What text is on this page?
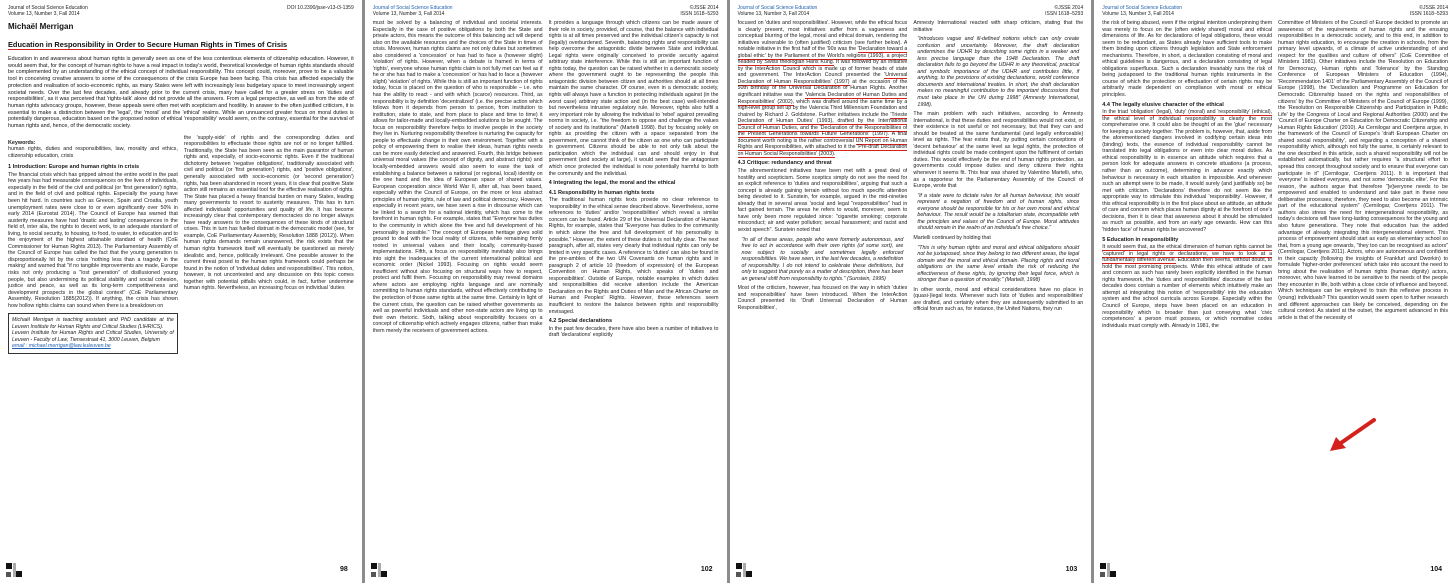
Journal of Social Science Education
Volume 13, Number 3, Fall 2014
DOI 10.2390/jsse-v13-i3-1359
Michaël Merrigan
Education in Responsibility in Order to Secure Human Rights in Times of Crisis
Education in and awareness about human rights is generally seen as one of the less contentious elements of citizenship education. However, it would seem that, for the concept of human rights to have a real impact in today's world, theoretical knowledge of human rights standards should be complemented by an understanding of the ethical concept of individual responsibility. This concept could, moreover, prove to be a valuable tool in conceiving creative answers to some of the consequences of the crisis Europe has been facing. This crisis has affected especially the protection and realisation of socio-economic rights, as many States were left with increasingly less budgetary space to meet increasingly urgent societal needs. Over the last few decades, and already prior to the current crisis, many have called for a greater stress on 'duties and responsibilities', as it was perceived that 'rights-talk' alone did not provide all the answers. From a legal perspective, as well as from the side of human rights advocacy groups, however, these appeals were often met with scepticism and hostility. In answer to the often justified criticism, it is essential to make a distinction between the 'legal', the 'moral' and the 'ethical' realms. While an unnuanced greater focus on moral duties is potentially dangerous, education based on the proposed notion of ethical 'responsibility' would seem, on the contrary, essential for the survival of human rights and, hence, of the democratic society.
Keywords:
human rights, duties and responsibilities, law, morality and ethics, citizenship education, crisis
1 Introduction: Europe and human rights in crisis

The financial crisis which has gripped almost the entire world in the past few years has had measurable consequences on the lives of individuals, especially in the field of the civil and political (or 'first generation') rights, and in the field of civil and political rights. Especially the young have been hit hard. In countries such as Greece, Spain and Croatia, youth unemployment rates were close to or even significantly over 50% in early 2014 (Eurostat 2014). The Council of Europe has warned that austerity measures have had 'drastic and lasting' consequences in the field of, inter alia, the rights to decent work, to an adequate standard of living, to social security, to housing, to food, to water, to education and to the enjoyment of the highest attainable standard of health (CoE Commissioner for Human Rights 2013). The Parliamentary Assembly of the Council of Europe has called the fact that the young generation is disproportionally hit by the crisis 'nothing less than a tragedy in the making' and warned that "if no tangible improvements are made, Europe risks not only producing a "lost generation" of disillusioned young people, but also undermining its political stability and social cohesion, justice and peace, as well as its long-term competitiveness and development prospects in the global context" (CoE Parliamentary Assembly, Resolution 1885(2012)). If anything, the crisis has shown how hollow rights claims can sound when there is a breakdown on

Michaël Merrigan is teaching assistant and PhD candidate at the Leuven Institute for Human Rights and Critical Studies (LIHRICS).
Leuven Institute for Human Rights and Critical Studies, University of Leuven - Faculty of Law, Tiensestraat 41, 3000 Leuven, Belgium
email : michael.merrigan@law.kuleuven.be

the 'supply-side' of rights and the corresponding duties and responsibilities to effectuate those rights are not or no longer fulfilled. Traditionally, the State has been seen as the main guarantor of human rights and, especially, of socio-economic rights. Even if the traditional dichotomy between 'negative obligations', traditionally associated with civil and political (or 'first generation') rights, and 'positive obligations', generally associated with socio-economic (or 'second generation') rights, has been abandoned in recent years, it is clear that positive State action still remains an essential tool for the effective realisation of rights. The State has placed a heavy financial burden on many States, leading many governments to resort to austerity measures. This has in turn affected individuals' opportunities and quality of life. It has become increasingly clear that contemporary democracies do no longer always have ready answers to the consequences of these kinds of structural crises. This in turn has fuelled distrust in the democratic model (see, for example, CoE Parliamentary Assembly, Resolution 1888 (2012)). When human rights demands remain unanswered, the risk exists that the human rights framework itself will eventually be questioned as merely idealistic and, hence, politically irrelevant. One possible answer to the current threat posed to the human rights framework could perhaps be found in the notion of 'individual duties and responsibilities'. This notion, however, is not uncontested and any discussion on this topic comes together with potential pitfalls which could, in fact, further undermine human rights. Nevertheless, an increasing focus on individual 'duties

98
Journal of Social Science Education
Volume 13, Number 3, Fall 2014
©JSSE 2014
ISSN 1618–5293

must be solved by a balancing of individual and societal interests. Especially in the case of positive obligations by both the State and private actors, this means the outcome of this balancing act will depend also on the available resources and the choices of the State in times of crisis. Moreover, human rights claims are not only duties but sometimes also considered a 'concession' or has had to face a (however slight) 'violation' of rights. However, when a debate is framed in terms of 'rights', everyone whose human rights claim is not fully met can feel as if he or she has had to make a 'concession' or has had to face a (however slight) 'violation' of rights. While this is still an important function of rights today, focus is placed on the question of who is responsible – i.e. who has the ability to react - and with which (scarce) resources. Third, as responsibility is by definition 'decentralized' (i.e. the precise action which follows from it depends from person to person, from institution to institution, state to state, and from place to place and time to time) it allows for tailor-made and locally-embedded solutions to be sought. The focus on responsibility therefore helps to involve people in the society they live in. Nurturing responsibility therefore is nurturing the capacity for people to effectuate change in their own environment. Together with a policy of empowering them to realise their ideas, human rights needs can be more easily detected and answered. Fourth, this bridge between universal moral values (the concept of dignity, and abstract rights) and locally-embedded answers would also seem to ease the task of establishing a balance between a national (or regional, local) identity on the one hand and the idea of European space of shared values. European cooperation since World War II, after all, has been based, especially within the Council of Europe, on the more or less abstract principles of human rights, rule of law and political democracy. However, especially in recent years, we have seen a rise in discourse which can be linked to a search for a national identity, which has come to the forefront in human rights. For example, states that "Everyone has duties to the community in which alone the free and full development of his personality is possible." The concept of European heritage gives solid ground to deal with the local reality of citizens, while remaining firmly rooted in universal values and their locally, community-based implementations. Fifth, a focus on responsibility inevitably also brings into sight the inadequacies of the current international political and economic order (Nickel 1993). Focusing on rights would seem insufficient without also focusing on structural ways how to respect, protect and fulfil them. Focusing on responsibility may reveal domains where actors are employing rights language and are nominally committing to human rights standards, without effectively contributing to the protection of those same rights at the same time. Certainly in light of the current crisis, the question can be raised whether governments as well as powerful individuals and other non-state actors are living up to their own rhetoric. Sixth, talking about responsibility focuses on a concept of citizenship which actively engages citizens, rather than make them merely the receivers of government actions.

It provides a language through which citizens can be made aware of their role in society, provided, of course, that the balance with individual rights is at all times preserved and the individual citizen's capacity is not (legally) overburdened. Seventh, balancing rights and responsibility can help overcome the antagonistic divide between State and individual. Legal rights were originally conceived to provide security against arbitrary state interference. While this is still an important function of rights today, the question can be raised whether in a democratic society where the government ought to be representing the people this antagonistic division between citizen and authorities should at all times maintain the same character. Of course, even in a democratic society, rights will always have a function in protecting individuals against (in the worst case) arbitrary state action and (in the best case) well-intended but nevertheless intrusive regulatory rule. Moreover, rights also fulfil a very important role by allowing the individual to 'rebel' against prevailing norms in society, i.e. "the freedom to oppose and challenge the values of society and its institutions" (Martelli 1998). But by focusing solely on rights as providing the citizen with a space separated from the government, one cannot think of the citizen as one who can participate in government. Citizens should be able to not only talk about the participation which the individual can and should enjoy in that government (and society at large), it would seem that the antagonism which once protected the individual is now potentially harmful to both the community and the individual.

4 Integrating the legal, the moral and the ethical
4.1 Responsibility in human rights texts

The traditional human rights texts provide no clear reference to 'responsibility' in the ethical sense described above. Nevertheless, some references to 'duties' and/or 'responsibilities' which reveal a similar concern can be found. Article 29 of the Universal Declaration of Human Rights, for example, states that "Everyone has duties to the community in which alone the free and full development of his personality is possible." However, the extent of these duties is not fully clear. The next paragraph, after all, states very clearly that individual rights can only be limited in very specific cases. A reference to 'duties' can also be found in the pre-ambles of the two UN Covenants on human rights and in paragraph 2 of article 10 (freedom of expression) of the European Convention on Human Rights, which speaks of 'duties and responsibilities'. Outside of Europe, notable examples in which duties and responsibilities did receive attention include the American Declaration on the Rights and Duties of Man and the African Charter on Human and Peoples' Rights. However, these references seem insufficient to restore the balance between rights and responsibility envisaged.

4.2 Special declarations

In the past few decades, there have also been a number of initiatives to draft 'declarations' explicitly

102
Journal of Social Science Education
Volume 13, Number 3, Fall 2014
©JSSE 2014
ISSN 1618–5293

focused on 'duties and responsibilities'. However, while the ethical focus is clearly present, most initiatives suffer from a vagueness and conceptual blurring of the legal, moral and ethical domain, rendering the initiatives vulnerable to (often justified) criticism (see further below). A notable initiative in the first half of the '90s was the 'Declaration toward a global ethic' by the Parliament of the World's religions (1993), a project headed by Swiss theologian Hans Küng. It was followed by an initiative by the InterAction Council which is made up of former heads of state and government. The InterAction Council presented the 'Universal Declaration of Human Responsibilities' (1997) at the occasion of the 50th birthday of the Universal Declaration of Human Rights. Another significant initiative was the 'Valencia Declaration of Human Duties and Responsibilities' (2002), which was drafted around the same time by a high-level group set up by the Valencia Third Millennium Foundation and chaired by Richard J. Goldstone. Further initiatives include the 'Trieste Declaration of Human Duties' (1993), drafted by the International Council of Human Duties, and the 'Declaration of the Responsibilities of the Present Generations towards Future Generations' (1997). A final document worth noting is the rather controversial UN Report on Human Rights and Responsibilities, with attached to it the 'Pre-draft Declaration on Human Social Responsibilities' (2003).

4.3 Critique: redundancy and threat

The aforementioned initiatives have been met with a great deal of hostility and scepticism. Some sceptics simply do not see the need for an explicit reference to 'duties and responsibilities', arguing that such a concept is already gaining terrain without too much specific attention being devoted to it. Sunstein, for example, argued in the mid-nineties already that in several areas 'social and legal "responsibilities" had in fact gained terrain. The areas he refers to would, moreover, seem to have only been more regulated since: "cigarette smoking; corporate misconduct; air and water pollution; sexual harassment; and racist and sexist speech". Sunstein noted that

"In all of these areas, people who were formerly autonomous, and free to act in accordance with their own rights (of some sort), are now subject to socially and sometimes legally enforced responsibilities. We have seen, in the last few decades, a redefinition of responsibility. I do not intend to celebrate these definitions, but only to suggest that purely as a matter of description, there has been an general shift from responsibility to rights." (Sunstein, 1995)

Most of the criticism, however, has focused on the way in which 'duties and responsibilities' have been introduced. When the InterAction Council presented its 'Draft Universal Declaration of Human Responsibilities',

Amnesty International reacted with sharp criticism, stating that the initiative

"introduces vague and ill-defined notions which can only create confusion and uncertainty. Moreover, the draft declaration undermines the UDHR by describing some rights in a weaker and less precise language than the 1948 Declaration. The draft declaration fails to go beyond the UDHR in any theoretical, practical and symbolic importance of the UDHR and contributes little, if anything, to the provisions of existing declarations, world conference documents and international treaties. In short, the draft declaration makes no meaningful contribution to the important discussions that must take place in the UN during 1998" (Amnesty International, 1998).

The main problem with such initiatives, according to Amnesty International, is that these duties and responsibilities would not exist, or their existence is not useful or not necessary, but that they can and should be treated at the same fundamental (and legally enforceable) level as rights. The fear exists that, by putting certain conceptions of 'decent behaviour' at the same level as legal rights, the protection of individual rights could be made contingent upon the fulfilment of certain duties. This would effectively be the end of human rights protection, as governments could impose duties and deny citizens their rights whenever it seems fit. This fear was shared by Valentino Martelli, who, as a rapporteur for the Parliamentary Assembly of the Council of Europe, wrote that

"if a state were to dictate rules for all human behaviour, this would represent a negation of freedom and of human rights, since everyone should be responsible for his or her own moral and ethical behaviour. The result would be a totalitarian state, incompatible with the principles and values of the Council of Europe. Moral attitudes should remain in the realm of an individual's free choice."

Martelli continued by holding that

"This is why human rights and moral and ethical obligations should not be juxtaposed, since they belong to two different areas, the legal domain and the moral and ethical domain. Placing rights and moral obligations on the same level entails the risk of reducing the effectiveness of these rights, by ignoring their legal force, which is stronger than a question of morality." (Martelli, 1998)

In other words, moral and ethical considerations have no place in (quasi-)legal texts. Whenever such lists of 'duties and responsibilities' are drafted, and certainly when they are subsequently submitted to an official forum such as, for instance, the United Nations, they run

103
Journal of Social Science Education
Volume 13, Number 3, Fall 2014
©JSSE 2014
ISSN 1618–5293

the risk of being abused, even if the original intention underpinning them was merely to focus on the (often widely shared) moral and ethical dimensions of life. As for declarations of legal obligations, these would seem to be redundant, as States already have sufficient tools to make them binding upon citizens through legislation and State enforcement mechanisms. Therefore, in short, a declaration consisting of moral and ethical guidelines is dangerous, and a declaration consisting of legal obligations superfluous. Such a declaration invariably runs the risk of being juxtaposed to the traditional human rights instruments in the course of which the protection or effectuation of certain rights may be arbitrarily made dependent on compliance with moral or ethical principles.

4.4 The legally elusive character of the ethical

In the triad 'obligation' (legal), 'duty' (moral) and 'responsibility' (ethical), the ethical level of individual responsibility is clearly the most comprehensive one. It could also be thought of as the 'glue' necessary for keeping a society together. The problem is, however, that, aside from the aforementioned dangers involved in codifying certain ideas into (binding) texts, the essence of individual responsibility cannot be translated into legal obligations or even into clear moral duties. As ethical responsibility is in essence an attitude which requires that a person look for adequate answers in concrete situations (a process, rather than an outcome), determining in advance exactly which behaviour is necessary in each situation is impossible. And whenever such an attempt were to be made, it would surely (and justifiably so) be met with criticism. 'Declarations' therefore do not seem like the appropriate way to stimulate this individual 'responsibility'. However, if this ethical responsibility is in the first place about an attitude, an attitude of care and concern which places human dignity at the forefront of one's decisions, then it is clear that awareness about it should be stimulated as much as possible, and from an early age onwards. How can this 'hidden face' of human rights be uncovered?

5 Education in responsibility

It would seem that, as the ethical dimension of human rights cannot be 'captured' in legal rights or declarations, we have to look at a fundamentally different avenue. Education then seems, without doubt, to hold the most promising prospects. While this ethical attitude of care and concern as such has rarely been explicitly identified in the human rights framework, the 'duties and responsibilities' discourse of the last decades does contain a number of elements which intuitively make an attempt at integrating this notion of 'responsibility' into the education system and the school curricula across Europe. Especially within the Council of Europe, steps have been placed on an education in responsibility which is broader than just conveying what 'civic competences' a person must possess, or which normative codes individuals must comply with. Already in 1981, the

Committee of Ministers of the Council of Europe decided to promote an awareness of the requirements of human rights and the ensuing responsibilities in a democratic society, and to this end, in addition to human rights education, to encourage the creation in schools, from the primary level upwards, of a climate of active understanding of and respect for the qualities and culture of others" (CoE Committee of Ministers 1981). Other initiatives include the 'Resolution on Education for Democracy, Human rights and Tolerance' by the Standing Conference of European Ministers of Education (1994), 'Recommendation 1401' of the Parliamentary Assembly of the Council of Europe (1998), the 'Declaration and Programme on Education for Democratic Citizenship based on the rights and responsibilities of citizens' by the Committee of Ministers of the Council of Europe (1999), the 'Resolution on Responsible Citizenship and Participation in Public Life' by the Congress of Local and Regional Authorities (2000) and the 'Council of Europe Charter on Education for Democratic Citizenship and Human Rights Education' (2010). As Cernilogar and Coertjens argue, in the framework of the Council of Europe's 'draft European Charter on shared social responsibility', and regarding a conception of a shared responsibility which, although not fully the same, is certainly relevant to the one described in this article, such a shared responsibility will not be established automatically, but rather requires "a structural effort to spread this concept throughout society and to ensure that everyone can participate in it" (Cernilogar, Coertjens 2011). It is important that 'everyone' is indeed everyone, and not some 'democratic elite'. For this reason, the authors argue that therefore "[e]veryone needs to be empowered and enabled to understand and take part in these new deliberative processes; therefore, they need to also become an intrinsic part of the educational system" (Cernilogar, Coertjens 2011). The authors also stress the need for intergenerational responsibility, as today's decisions will have long-lasting consequences for the young and also future generations. They note that education has the added advantage of already integrating this intergenerational element. This process of empowerment should start as early as elementary school so that, from a young age onwards, "they too can be recognised as actors" (Cernilogar, Coertjens 2011). Actors, who are autonomous and confident in their capacity (following the insights of Frankfurt and Dworkin) to formulate 'higher-order preferences' which take into account the need to bring about the realisation of human rights (human dignity) actors, moreover, who have learned to be sensitive to the needs of the people they encounter in life, both within a close circle of influence and beyond. Which techniques can be employed to train this reflexive process in (young) individuals? This question would seem open to further research and different approaches can likely be conceived, depending on the cultural context. As stated at the outset, the argument advanced in this article is that of the necessity of

104
